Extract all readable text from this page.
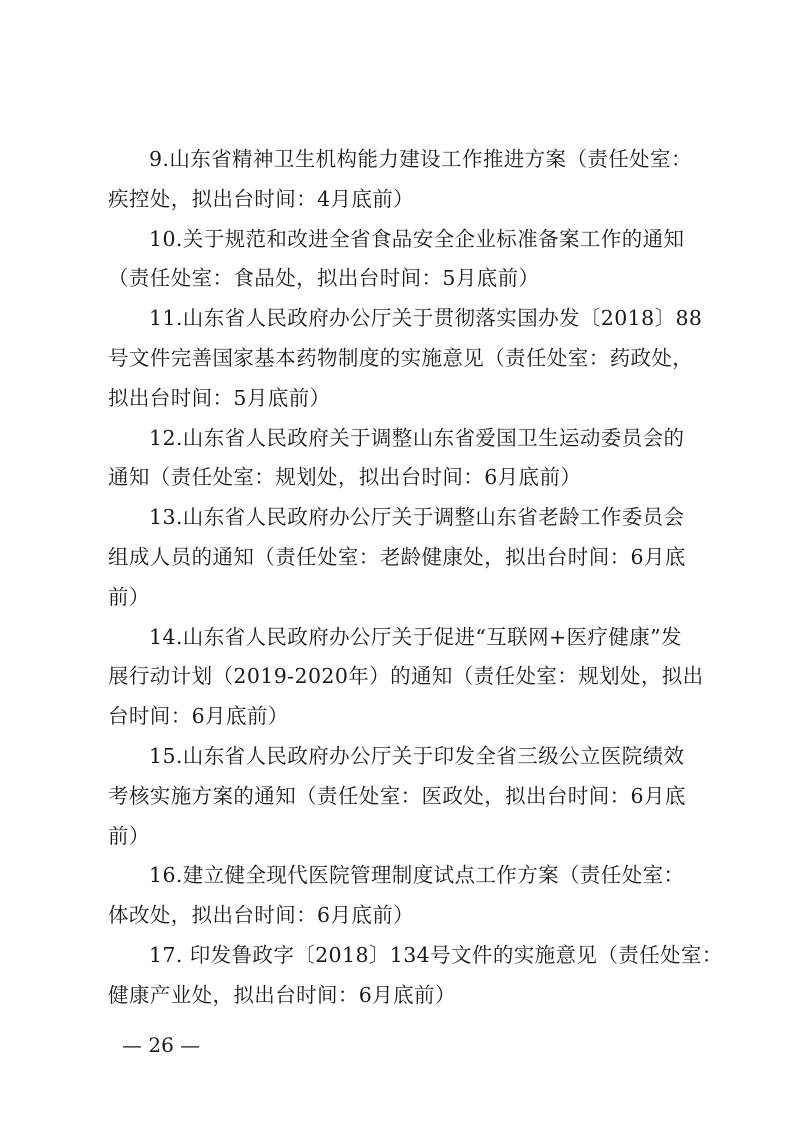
9.山东省精神卫生机构能力建设工作推进方案（责任处室：
疾控处，拟出台时间：4月底前）
10.关于规范和改进全省食品安全企业标准备案工作的通知
（责任处室：食品处，拟出台时间：5月底前）
11.山东省人民政府办公厅关于贯彻落实国办发〔2018〕88
号文件完善国家基本药物制度的实施意见（责任处室：药政处，
拟出台时间：5月底前）
12.山东省人民政府关于调整山东省爱国卫生运动委员会的
通知（责任处室：规划处，拟出台时间：6月底前）
13.山东省人民政府办公厅关于调整山东省老龄工作委员会
组成人员的通知（责任处室：老龄健康处，拟出台时间：6月底
前）
14.山东省人民政府办公厅关于促进“互联网+医疗健康”发
展行动计划（2019-2020年）的通知（责任处室：规划处，拟出
台时间：6月底前）
15.山东省人民政府办公厅关于印发全省三级公立医院绩效
考核实施方案的通知（责任处室：医政处，拟出台时间：6月底
前）
16.建立健全现代医院管理制度试点工作方案（责任处室：
体改处，拟出台时间：6月底前）
17. 印发鲁政字〔2018〕134号文件的实施意见（责任处室：
健康产业处，拟出台时间：6月底前）
— 26 —
